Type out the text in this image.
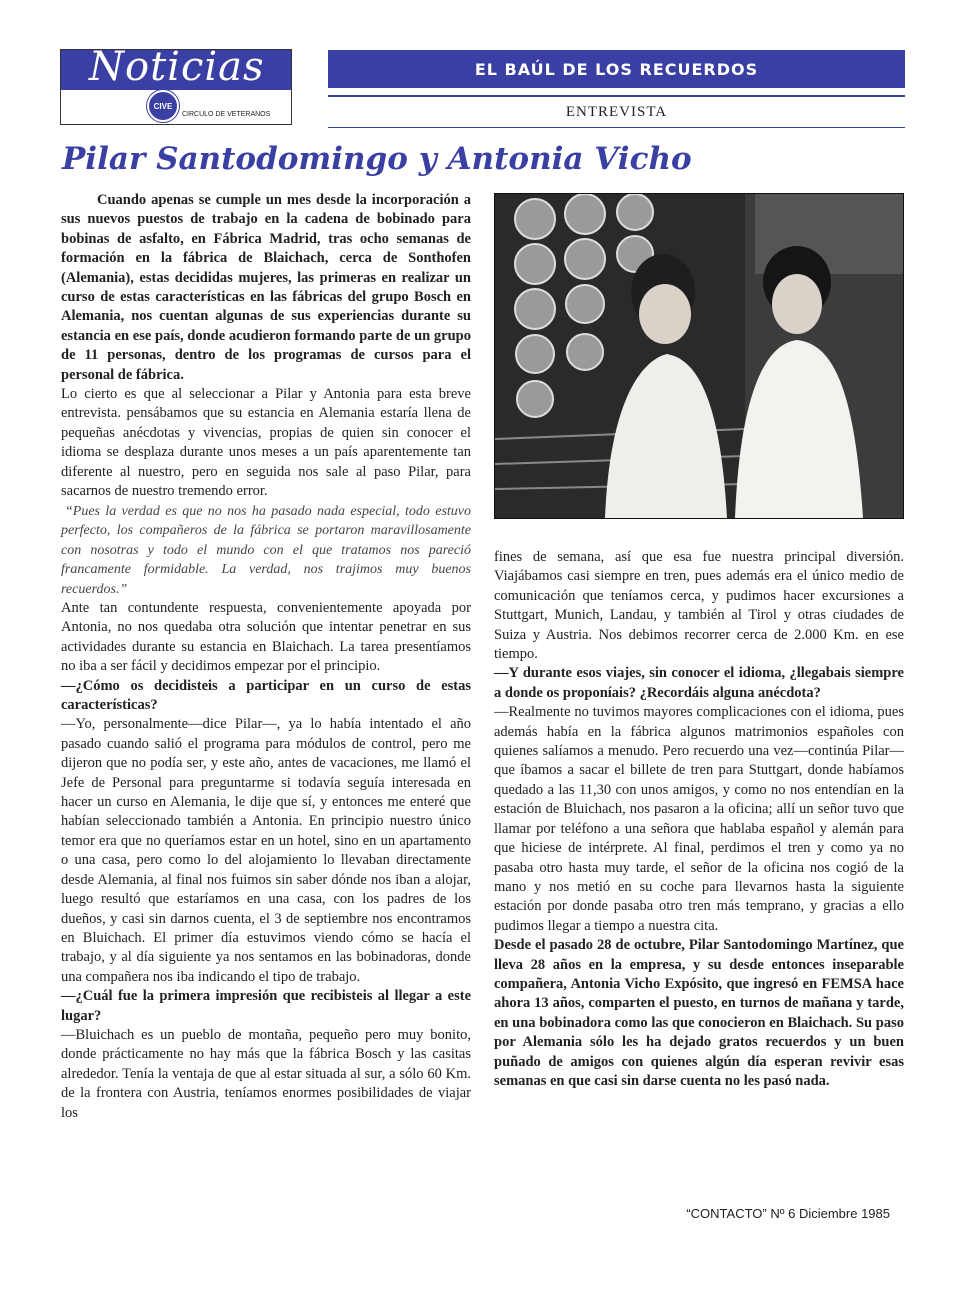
Noticias
CIVE
CIRCULO DE VETERANOS
EL BAÚL DE LOS RECUERDOS
ENTREVISTA
Pilar Santodomingo y Antonia Vicho

Cuando apenas se cumple un mes desde la incorporación a sus nuevos puestos de trabajo en la cadena de bobinado para bobinas de asfalto, en Fábrica Madrid, tras ocho semanas de formación en la fábrica de Blaichach, cerca de Sonthofen (Alemania), estas decididas mujeres, las primeras en realizar un curso de estas características en las fábricas del grupo Bosch en Alemania, nos cuentan algunas de sus experiencias durante su estancia en ese país, donde acudieron formando parte de un grupo de 11 personas, dentro de los programas de cursos para el personal de fábrica.

Lo cierto es que al seleccionar a Pilar y Antonia para esta breve entrevista. pensábamos que su estancia en Alemania estaría llena de pequeñas anécdotas y vivencias, propias de quien sin conocer el idioma se desplaza durante unos meses a un país aparentemente tan diferente al nuestro, pero en seguida nos sale al paso Pilar, para sacarnos de nuestro tremendo error.

“Pues la verdad es que no nos ha pasado nada especial, todo estuvo perfecto, los compañeros de la fábrica se portaron maravillosamente con nosotras y todo el mundo con el que tratamos nos pareció francamente formidable. La verdad, nos trajimos muy buenos recuerdos.”

Ante tan contundente respuesta, convenientemente apoyada por Antonia, no nos quedaba otra solución que intentar penetrar en sus actividades durante su estancia en Blaichach. La tarea presentíamos no iba a ser fácil y decidimos empezar por el principio.

—¿Cómo os decidisteis a participar en un curso de estas características?

—Yo, personalmente—dice Pilar—, ya lo había intentado el año pasado cuando salió el programa para módulos de control, pero me dijeron que no podía ser, y este año, antes de vacaciones, me llamó el Jefe de Personal para preguntarme si todavía seguía interesada en hacer un curso en Alemania, le dije que sí, y entonces me enteré que habían seleccionado también a Antonia. En principio nuestro único temor era que no queríamos estar en un hotel, sino en un apartamento o una casa, pero como lo del alojamiento lo llevaban directamente desde Alemania, al final nos fuimos sin saber dónde nos iban a alojar, luego resultó que estaríamos en una casa, con los padres de los dueños, y casi sin darnos cuenta, el 3 de septiembre nos encontramos en Bluichach. El primer día estuvimos viendo cómo se hacía el trabajo, y al día siguiente ya nos sentamos en las bobinadoras, donde una compañera nos iba indicando el tipo de trabajo.

—¿Cuál fue la primera impresión que recibisteis al llegar a este lugar?

—Bluichach es un pueblo de montaña, pequeño pero muy bonito, donde prácticamente no hay más que la fábrica Bosch y las casitas alrededor. Tenía la ventaja de que al estar situada al sur, a sólo 60 Km. de la frontera con Austria, teníamos enormes posibilidades de viajar los

fines de semana, así que esa fue nuestra principal diversión. Viajábamos casi siempre en tren, pues además era el único medio de comunicación que teníamos cerca, y pudimos hacer excursiones a Stuttgart, Munich, Landau, y también al Tirol y otras ciudades de Suiza y Austria. Nos debimos recorrer cerca de 2.000 Km. en ese tiempo.

—Y durante esos viajes, sin conocer el idioma, ¿llegabais siempre a donde os proponíais? ¿Recordáis alguna anécdota?

—Realmente no tuvimos mayores complicaciones con el idioma, pues además había en la fábrica algunos matrimonios españoles con quienes salíamos a menudo. Pero recuerdo una vez—continúa Pilar—que íbamos a sacar el billete de tren para Stuttgart, donde habíamos quedado a las 11,30 con unos amigos, y como no nos entendían en la estación de Bluichach, nos pasaron a la oficina; allí un señor tuvo que llamar por teléfono a una señora que hablaba español y alemán para que hiciese de intérprete. Al final, perdimos el tren y como ya no pasaba otro hasta muy tarde, el señor de la oficina nos cogió de la mano y nos metió en su coche para llevarnos hasta la siguiente estación por donde pasaba otro tren más temprano, y gracias a ello pudimos llegar a tiempo a nuestra cita.

Desde el pasado 28 de octubre, Pilar Santodomingo Martínez, que lleva 28 años en la empresa, y su desde entonces inseparable compañera, Antonia Vicho Expósito, que ingresó en FEMSA hace ahora 13 años, comparten el puesto, en turnos de mañana y tarde, en una bobinadora como las que conocieron en Blaichach. Su paso por Alemania sólo les ha dejado gratos recuerdos y un buen puñado de amigos con quienes algún día esperan revivir esas semanas en que casi sin darse cuenta no les pasó nada.

“CONTACTO” Nº 6 Diciembre 1985
